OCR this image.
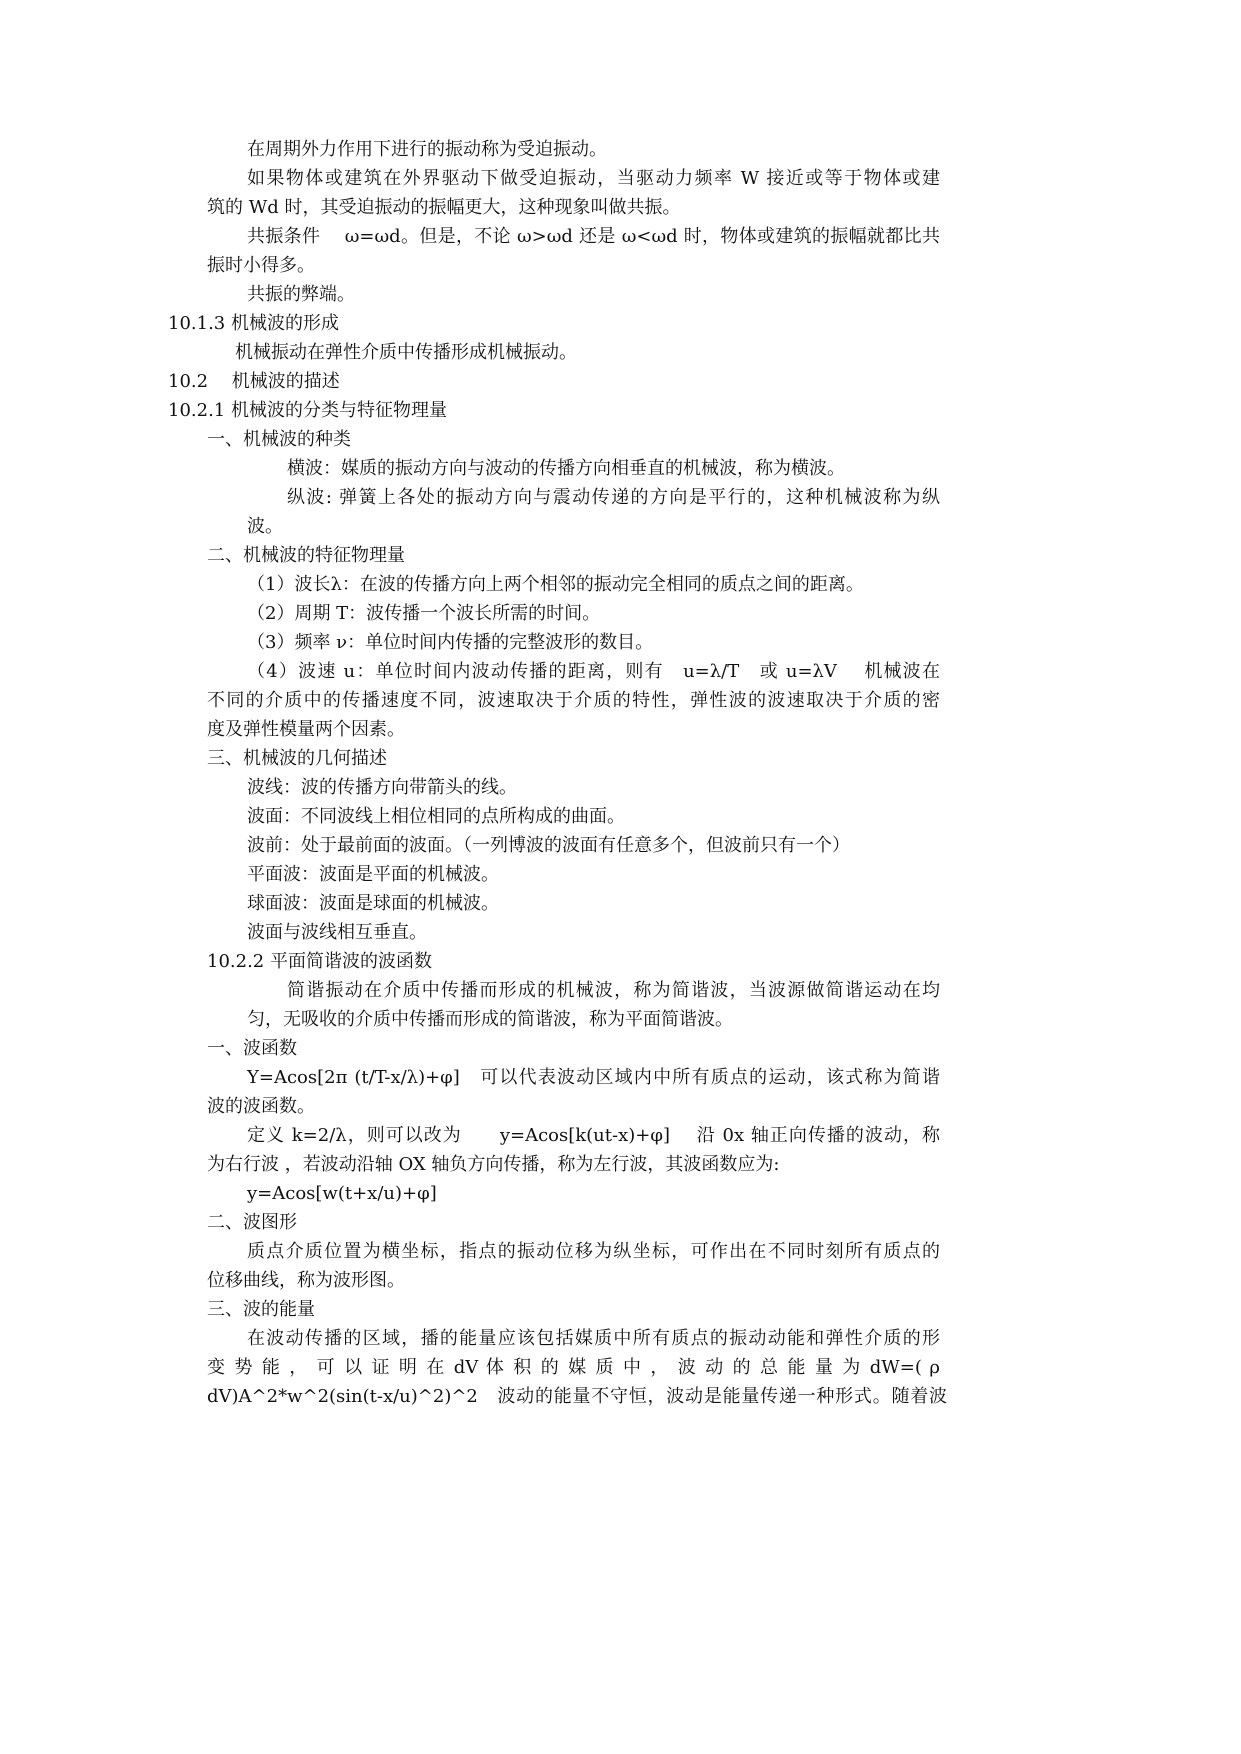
在周期外力作用下进行的振动称为受迫振动。
如果物体或建筑在外界驱动下做受迫振动，当驱动力频率 W 接近或等于物体或建
筑的 Wd 时，其受迫振动的振幅更大，这种现象叫做共振。
共振条件　 ω=ωd。但是，不论 ω>ωd 还是 ω<ωd 时，物体或建筑的振幅就都比共
振时小得多。
共振的弊端。
10.1.3 机械波的形成
机械振动在弹性介质中传播形成机械振动。
10.2　 机械波的描述
10.2.1 机械波的分类与特征物理量
一、机械波的种类
横波：媒质的振动方向与波动的传播方向相垂直的机械波，称为横波。
纵波: 弹簧上各处的振动方向与震动传递的方向是平行的，这种机械波称为纵
波。
二、机械波的特征物理量
（1）波长λ：在波的传播方向上两个相邻的振动完全相同的质点之间的距离。
（2）周期 T：波传播一个波长所需的时间。
（3）频率 ν：单位时间内传播的完整波形的数目。
（4）波速 u：单位时间内波动传播的距离，则有　u=λ/T　或 u=λV　 机械波在
不同的介质中的传播速度不同，波速取决于介质的特性，弹性波的波速取决于介质的密
度及弹性模量两个因素。
三、机械波的几何描述
波线：波的传播方向带箭头的线。
波面：不同波线上相位相同的点所构成的曲面。
波前：处于最前面的波面。（一列博波的波面有任意多个，但波前只有一个）
平面波：波面是平面的机械波。
球面波：波面是球面的机械波。
波面与波线相互垂直。
10.2.2 平面简谐波的波函数
简谐振动在介质中传播而形成的机械波，称为简谐波，当波源做简谐运动在均
匀，无吸收的介质中传播而形成的简谐波，称为平面简谐波。
一、波函数
Y=Acos[2π (t/T-x/λ)+φ]　可以代表波动区域内中所有质点的运动，该式称为简谐
波的波函数。
定义 k=2/λ，则可以改为　　y=Acos[k(ut-x)+φ]　 沿 0x 轴正向传播的波动，称
为右行波 ，若波动沿轴 OX 轴负方向传播，称为左行波，其波函数应为:
y=Acos[w(t+x/u)+φ]
二、波图形
质点介质位置为横坐标，指点的振动位移为纵坐标，可作出在不同时刻所有质点的
位移曲线，称为波形图。
三、波的能量
在波动传播的区域，播的能量应该包括媒质中所有质点的振动动能和弹性介质的形
变 势 能 ， 可 以 证 明 在 dV 体 积 的 媒 质 中 ， 波 动 的 总 能 量 为 dW=( ρ
dV)A^2*w^2(sin(t-x/u)^2)^2　波动的能量不守恒，波动是能量传递一种形式。随着波
